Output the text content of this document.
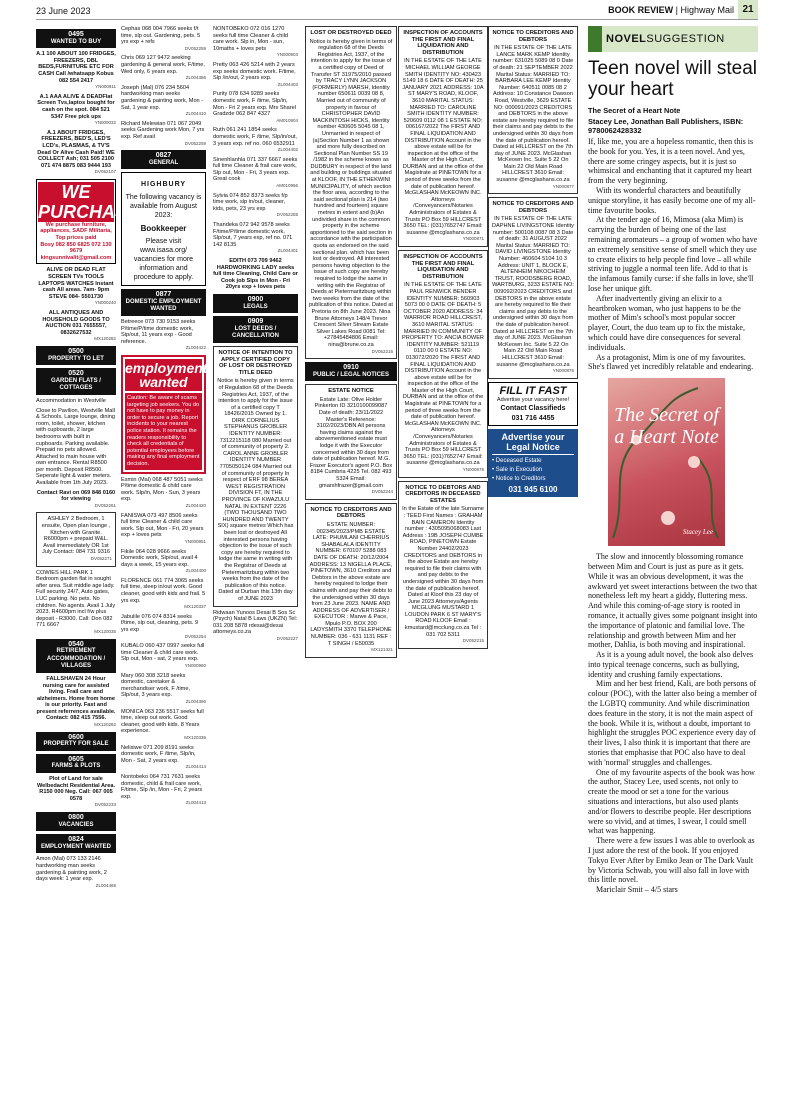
23 June 2023	BOOK REVIEW | Highway Mail 21
0495
WANTED TO BUY
A.1 100 ABOUT 100 FRIDGES, FREEZERS, DBL BEDS,FURNITURE ETC FOR CASH Call /whatsapp Kobus 082 554 2417
YN000911
A.1 AAA ALIVE & DEADFlat Screen Tvs,laptos bought for cash on the spot. 084 521 5347 Free pick ups
YN000032
A.1 ABOUT FRIDGES, FREEZERS, BED'S, LED'S LCD's, PLASMAS, & TV'S Dead Or Alive Cash Paid! WE COLLECT Ash; 031 505 2100 071 474 8875 083 9444 193
DV052107
WE PURCHASE
We purchase furniture, appliances, SADF Militaria, Top prices paid
Bosy 082 850 6825 072 130 9679
kingsunnivalit@gmail.com
ALIVE OR DEAD FLAT SCREEN TVs TOOLS LAPTOPS WATCHES Instant cash All areas. 7am- 9pm STEVE 084- 5501730
YN000240
ALL ANTIQUES AND HOUSEHOLD GOODS TO AUCTION 031 7655557, 0832627532
MX120282
0500
PROPERTY TO LET
0520
GARDEN FLATS / COTTAGES
Accommodation in Westville
Close to Pavilion, Westville Mall & Schools. Large lounge, dining room, toilet, shower, kitchen with cupboards, 2 large bedrooms with built in cupboards. Parking available. Prepaid no pets allowed. Attached to main house with own entrance. Rental R8500 per month. Deposit R8500. Seperate light & water meters. Available from 1th July 2023.
Contact Ravi on 069 848 0160 for viewing
DV052261
ASHLEY 2 Bedroom, 1 ensuite, Open plan lounge , Kitchen with Granite. R6000pm + prepaid W&L. Avail imemediately OR 1st July Contact: 084 731 9316
DV052271
COWIES HILL PARK 1 Bedroom garden flat in sought after area. Suit middle age lady. Full security 24/7, Auto gates, LUC parking. No pets. No children. No agents. Avail 1 July 2023. R4600pm incl f/w plus deposit - R3000. Call: Don 082 771 6667
MX120035
0540
RETIREMENT ACCOMMODATION / VILLAGES
FALLSHAVEN 24 Hour nursing care for assisted living. Frail care and alzheimers. Home from home is our priority. Fast and present referrences available. Contact: 082 415 7556.
MX120282
0600
PROPERTY FOR SALE
0605
FARMS & PLOTS
Plot of Land for sale Welbedacht Residential Area. R150 000 Neg. Call: 067 005 0578
DV052233
0800
VACANCIES
0824
EMPLOYMENT WANTED
Amon (Mal) 073 133 2146 hardworking man seeks gardening & painting work, 2 days week: 1 year exp.
ZL004468
Cephas 068 004 7966 seeks f/t time, slp out. Gardening, pets. 5 yrs exp + refs
DV052259
Chris 069 127 9472 seeking gardening & general work, F/time, Wed only, 6 years exp.
ZL004386
Joseph (Mal) 076 234 5604 hardworking man seeks gardening & painting work, Mon - Sat, 1 year exp.
ZL004410
Richard Melewian 071 067 2049 seeks Gardening work Mon, 7 yrs exp. Ref avail
DV052259
0827
GENERAL
HIGHBURY
The following vacancy is available from August 2023:
Bookkeeper
Please visit www.isasa.org/ vacancies for more information and procedure to apply.
0877
DOMESTIC EMPLOYMENT WANTED
Betreece 073 730 9153 seeks P/time/P/time domestic work, Sip/out, 11 years exp - Good reference.
ZL004422
employment wanted
Caution: Be aware of scams targeting job seekers. You do not have to pay money in order to secure a job. Report incidents to your nearest police station. It remains the readers responsibility to check all credentials of potential employees before making any final employment decision.
Esmin (Mal) 068 487 5051 seeks P/time domestic & child care work. Slp/in, Mon - Sun, 3 years exp.
ZL004420
FANISWA 073 497 8506 seeks full time Cleaner & child care work. Slp out, Mon - Fri, 20 years exp + loves pets
YN000951
Fikile 064 028 9666 seeks Domestic work, Slp/out, avail 4 days a week, 15 years exp.
ZL004400
FLORENCE 061 774 3065 seeks full time, sleep in/out work. Good cleaner, good with kids and frail. 5 yrs exp.
MX120337
Jabulile 076 074 8314 seeks f/time, slp out, cleaning, pets. 9 yrs exp
DV052254
KUBALO 060 437 0997 seeks full time Cleaner & child care work. Slp out, Mon - sat, 2 years exp.
YN000960
Mary 060 308 3218 seeks domestic, caretaker & merchandiser work, F /time, Slp/out, 3 years exp.
ZL004396
MONICA 063 236 5517 seeks full time, sleep out work. Good cleaner, good with kids. 8 Years experience.
MX120336
Nelisiwe 071 209 8191 seeks domestic work, F /time, Slp/in, Mon - Sat, 2 years exp.
ZL004414
Nontobeko 064 731 7631 seeks domestic, child & frail care work, F/time, Slp /in, Mon - Fri, 2 years exp.
ZL004413
NONTOBEKO 072 016 1270 seeks full time Cleaner & child care work. Slp in, Mon - sun, 10maths + loves pets
YN000903
Pretty 063 426 5214 with 2 years exp seeks domestic work. F/time, Slp /in/out, 2 years exp.
ZL004403
Purity 078 634 9289 seeks domestic work, F /time, Slp/in, Mon - Fri 2 years exp. Mrs Sharel Gradzde 062 847 4327
AM010904
Ruth 061 241 1854 seeks domestic work, F /time, Slp/in/out, 3 years exp. ref no. 060 6532911
ZL004402
Sinenhlanhla 071 337 6667 seeks full time Cleaner & frail care work, Slp out, Mon - Fri, 3 years exp. Great cook
AM010956
Sylvia 074 852 8373 seeks f/p time work, slp in/out, cleaner, kids, pets, 23 yrs exp
DV052255
Thandeka 072 942 9578 seeks F/time/P/time domestic work, Slp/out, 7 years exp, ref no. 071 142 8135
ZL004401
EDITH 073 709 9462 HARDWORKING LADY seeks full time Cleaning, Child Care or Cook job Slps in Mon - Fri 20yrs exp + loves pets
0900
LEGALS
0909
LOST DEEDS / CANCELLATION
NOTICE OF INTENTION TO APPLY CERTIFIED COPY OF LOST OR DESTROYED TITLE DEED
Notice is hereby given in terms of Regulation 68 of the Deeds Registries Act, 1937, of the intention to apply for the issue of a certified copy T 18426/2015 Owned by 1. DIRK CORNELIUS STEPHANUS GROBLER IDENTITY NUMBER: 7312215118 080 Married out of community of property 2. CAROL ANNE GROBLER IDENTITY NUMBER 7705050124 084 Married out of community of property In respect of ERF 98 BEREA WEST REGISTRATION DIVISION FT, IN THE PROVINCE OF KWAZULU NATAL IN EXTENT 2226 (TWO THOUSAND TWO HUNDRED AND TWENTY SIX) square metres Which has been lost or destroyed All interested persons having objection to the issue of such copy are hereby required to lodge the same in writing with the Registrar of Deeds at Pietermaritzburg within two weeks from the date of the publication of this notice. Dated at Durban this 13th day of JUNE 2023
Ridwaan Yunoos Desai B Sos Sc (Psych) Natal B Laws (UKZN) Tel: 031 208 5878 rdesai@desai attorneys.co.za
DV052227
LOST OR DESTROYED DEED
Notice is hereby given in terms of regulation 68 of the Deeds Registries Act, 1937, of the intention to apply for the issue of a certified copy of Deed of Transfer ST 31975/2010 passed by TRACY LYNN JACKSON (FORMERLY) MARSH, Identity number 650611 0039 08 8, Married out of community of property in favour of CHRISTOPHER DAVID MACKINTOSH HICKS, Identity number 430605 5045 08 1, Unmarried in respect of (a)Section Number 1 as shown and more fully described on Sectional Plan Number SS 19 /1982 in the scheme known as DUDBURY in respect of the land and building or buildings situated at KLOOF, IN THE ETHEKWINI MUNICIPALITY, of which section the floor area, according to the said sectional plan is 214 (two hundred and fourteen) square metres in extent and (b)An undivided share in the common property in the scheme apportioned to the said section in accordance with the participation quota as endorsed on the said sectional plan. which has been lost or destroyed. All interested persons having objection to the issue of such copy are hereby required to lodge the same in writing with the Registrar of Deeds at Pietermaritzburg within two weeks from the date of the publication of this notice. Dated at Pretoria on 8th June 2023. Nina Brune Attorneys 148/4 Trevor Crescent Silver Stream Estate Silver Lakes Road 0081 Tel: +27845484806 Email: nina@brune.co.za
DV052216
0910
PUBLIC / LEGAL NOTICES
ESTATE NOTICE
Estate Late: Olive Holder Pinkerton ID 3210100099087 Date of death: 23/11/2022 Master's Reference: 3102/2023/DBN All persons having claims against the abovementioned estate must lodge it with the Executor concerned within 30 days from date of publication hereof. M.G. Frazer Executor's agent P.O. Box 8184 Cumbria 4225 Tel. 082 493 5324 Email: gmarshfrazer@gmail.com
DV052244
NOTICE TO CREDITORS AND DEBTORS
ESTATE NUMBER: 002345/2023/PMB ESTATE LATE: PHUMLANI CHERRIUS SHABALALA IDENTITY NUMBER: 670107 5288 083 DATE OF DEATH: 20/12/2004 ADDRESS: 13 NIGELLA PLACE, PINETOWN, 3610 Creditors and Debtors in the above estate are hereby required to lodge their claims with and pay their debts to the undersigned within 30 days from 23 June 2023. NAME AND ADDRESS OF ADVERTISER / EXECUTOR : Marwe & Pace, Mpulo P.O. BOX 200 LADYSMITH 3370 TELEPHONE NUMBER: 036 - 631 1131 REF : T SINGH / E50035
MX121321
INSPECTION OF ACCOUNTS THE FIRST AND FINAL LIQUIDATION AND DISTRIBUTION
IN THE ESTATE OF THE LATE MICHAEL WILLIAM GEORGE SMITH IDENTITY NO: 430423 5149 18 6 DATE OF DEATH: 25 JANUARY 2021 ADDRESS: 10A ST MARY'S ROAD, KLOOF, 3610 MARITAL STATUS: MARRIED TO: CAROLINE SMITH IDENTITY NUMBER: 520609 0112 08 1 ESTATE NO: 006167/2022 The FIRST AND FINAL LIQUIDATION AND DISTRIBUTION Account in the above estate will be for inspection at the office of the Master of the High Court, DURBAN and at the office of the Magistrate at PINETOWN for a period of three weeks from the date of publication hereof. McGLASHAN McKEOWN INC. Attorneys /Conveyancers/Notaries Administrators of Estates & Trusts PO Box 59 HILLCREST 3650 TEL: (031)7652747 Email: susanne @mcglashans.co.za
YN000871
INSPECTION OF ACCOUNTS THE FIRST AND FINAL LIQUIDATION AND DISTRIBUTION
IN THE ESTATE OF THE LATE PAUL RENWICK BENDER IDENTITY NUMBER: 560903 5073 00 0 DATE OF DEATH: 5 OCTOBER 2020 ADDRESS: 34 WARRIOR ROAD HILLCREST, 3610 MARITAL STATUS: MARRIED IN COMMUNITY OF PROPERTY TO: ANCIA BOWER IDENTITY NUMBER: 521119 0110 00 0 ESTATE NO: 013072/2020 The FIRST AND FINAL LIQUIDATION AND DISTRIBUTION Account in the above estate will be for inspection at the office of the Master of the High Court, DURBAN and at the office of the Magistrate at PINETOWN for a period of three weeks from the date of publication hereof. McGLASHAN McKEOWN INC. Attorneys /Conveyancers/Notaries Administrators of Estates & Trusts PO Box 59 HILLCREST 3650 TEL: (031)7652747 Email: susanne @mcglashans.co.za
YN000875
NOTICE TO DEBTORS AND CREDITORS IN DECEASED ESTATES
In the Estate of the late Surname : TEED First Names : GRAHAM BAIN CAMERON Identity number : 4305095068083 Last Address : 19B JOSEPH CUMBE ROAD, PINETOWN Estate Number 24402/2023 CREDITORS and DEBTORS in the above Estate are hereby required to file their claims with and pay debts to the undersigned within 30 days from the date of publication hereof. Dated at Kloof this 23 day of June 2023 Attorneys/Agents MCGLUNG MUSTARD 1 LOUDON PARK 6 ST MARY'S ROAD KLOOF Email : kmustard@mcclung.co.za Tel : 031 702 5311
DV052215
NOTICE TO CREDITORS AND DEBTORS
IN THE ESTATE OF THE LATE LANCE MARK KEMP Identity number: 631025 5089 08 0 Date of death: 21 SEPTEMBER 2022 Marital Status: MARRIED TO: BARBARA LEE KEMP Identity Number: 640511 0085 08 2 Address: 10 Constance Dawson Road, Westville, 3629 ESTATE NO: 000091/2023 CREDITORS and DEBTORS in the above estate are hereby required to file their claims and pay debts to the undersigned within 30 days from the date of publication hereof. Dated at HILLCREST on the 7th day of JUNE 2023. McGlashan McKeown Inc. Suite 5 22 On Main 22 Old Main Road HILLCREST 3610 Email: susanne @mcglashans.co.za
YN000877
NOTICE TO CREDITORS AND DEBTORS
IN THE ESTATE OF THE LATE DAPHNE LIVINGSTONE Identity number: 500108 0087 08 3 Date of death: 31 AUGUST 2022 Marital Status: MARRIED TO: DAVID LIVINGSTONE Identity Number: 460604 5104 10 3 Address: UNIT 1, BLOCK E, ALTENHEIM NIKOCHEIM TRUST, ROODSBERG ROAD, WARTBURG, 3233 ESTATE NO: 009092/2023 CREDITORS and DEBTORS in the above estate are hereby required to file their claims and pay debts to the undersigned within 30 days from the date of publication hereof. Dated at HILLCREST on the 7th day of JUNE 2023. McGlashan McKeown Inc. Suite 5 22 On Main 22 Old Main Road HILLCREST 3610 Email: susanne @mcglashans.co.za
YN000876
FILL IT FAST
Advertise your vacancy here!
Contact Classifieds
031 716 4455
Advertise your Legal Notice
• Deceased Estate
• Sale in Execution
• Notice to Creditors
031 945 6100
NOVELSUGGESTION
Teen novel will steal your heart
The Secret of a Heart Note
Stacey Lee, Jonathan Ball Publishers, ISBN: 9780062428332

If, like me, you are a hopeless romantic, then this is the book for you. Yes, it is a teen novel. And yes, there are some cringey aspects, but it is just so whimsical and enchanting that it captured my heart from the very beginning.

With its wonderful characters and beautifully unique storyline, it has easily become one of my all-time favourite books.

At the tender age of 16, Mimosa (aka Mim) is carrying the burden of being one of the last remaining aromateurs – a group of women who have an extremely sensitive sense of smell which they use to create elixirs to help people find love – all while striving to juggle a normal teen life. Add to that is the infamous family curse: if she falls in love, she'll lose her unique gift.

After inadvertently giving an elixir to a heartbroken woman, who just happens to be the mother of Mim's school's most popular soccer player, Court, the duo team up to fix the mistake, which could have dire consequences for several individuals.

As a protagonist, Mim is one of my favourites. She's flawed yet incredibly relatable and endearing.

The Secret of a Heart Note
Stacey Lee

The slow and innocently blossoming romance between Mim and Court is just as pure as it gets. While it was an obvious development, it was the awkward yet sweet interactions between the two that nonetheless left my heart a giddy, fluttering mess. And while this coming-of-age story is rooted in romance, it actually gives some poignant insight into the importance of platonic and familial love. The relationship and growth between Mim and her mother, Dahlia, is both moving and inspirational.

As it is a young adult novel, the book also delves into typical teenage concerns, such as bullying, identity and crushing family expectations.

Mim and her best friend, Kali, are both persons of colour (POC), with the latter also being a member of the LGBTQ community. And while discrimination does feature in the story, it is not the main aspect of the book. While it is, without a doubt, important to highlight the struggles POC experience every day of their lives, I also think it is important that there are stories that emphasise that POC also have to deal with 'normal' struggles and challenges.

One of my favourite aspects of the book was how the author, Stacey Lee, used scents, not only to create the mood or set a tone for the various situations and interactions, but also used plants and/or flowers to describe people. Her descriptions were so vivid, and at times, I swear, I could smell what was happening.

There were a few issues I was able to overlook as I just adore the rest of the book. If you enjoyed Tokyo Ever After by Emiko Jean or The Dark Vault by Victoria Schwab, you will also fall in love with this little novel.

Mariclair Smit – 4/5 stars
